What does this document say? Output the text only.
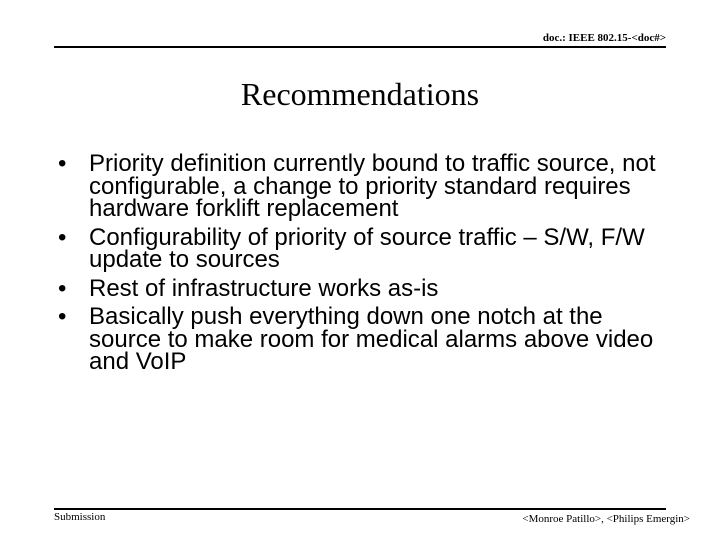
doc.: IEEE 802.15-<doc#>
Recommendations
• Priority definition currently bound to traffic source, not configurable, a change to priority standard requires hardware forklift replacement
• Configurability of priority of source traffic – S/W, F/W update to sources
• Rest of infrastructure works as-is
• Basically push everything down one notch at the source to make room for medical alarms above video and VoIP
Submission	<Monroe Patillo>, <Philips Emergin>
